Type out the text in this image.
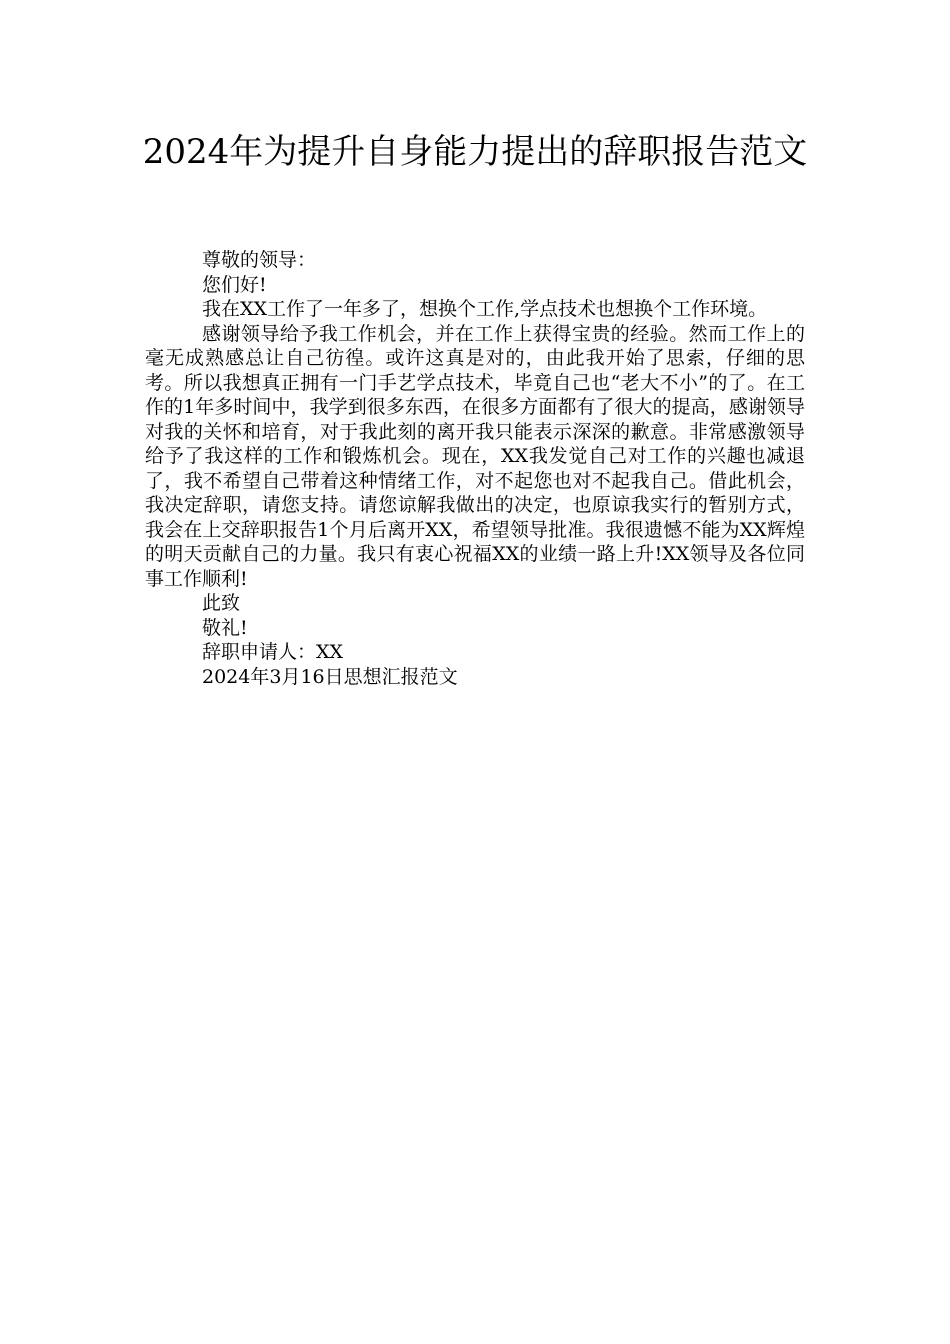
2024年为提升自身能力提出的辞职报告范文

尊敬的领导：

您们好!

我在XX工作了一年多了，想换个工作,学点技术也想换个工作环境。

感谢领导给予我工作机会，并在工作上获得宝贵的经验。然而工作上的毫无成熟感总让自己彷徨。或许这真是对的，由此我开始了思索，仔细的思考。所以我想真正拥有一门手艺学点技术，毕竟自己也“老大不小”的了。在工作的1年多时间中，我学到很多东西，在很多方面都有了很大的提高，感谢领导对我的关怀和培育，对于我此刻的离开我只能表示深深的歉意。非常感激领导给予了我这样的工作和锻炼机会。现在，XX我发觉自己对工作的兴趣也减退了，我不希望自己带着这种情绪工作，对不起您也对不起我自己。借此机会，我决定辞职，请您支持。请您谅解我做出的决定，也原谅我实行的暂别方式，我会在上交辞职报告1个月后离开XX，希望领导批准。我很遗憾不能为XX辉煌的明天贡献自己的力量。我只有衷心祝福XX的业绩一路上升!XX领导及各位同事工作顺利!

此致

敬礼!

辞职申请人：XX

2024年3月16日思想汇报范文
